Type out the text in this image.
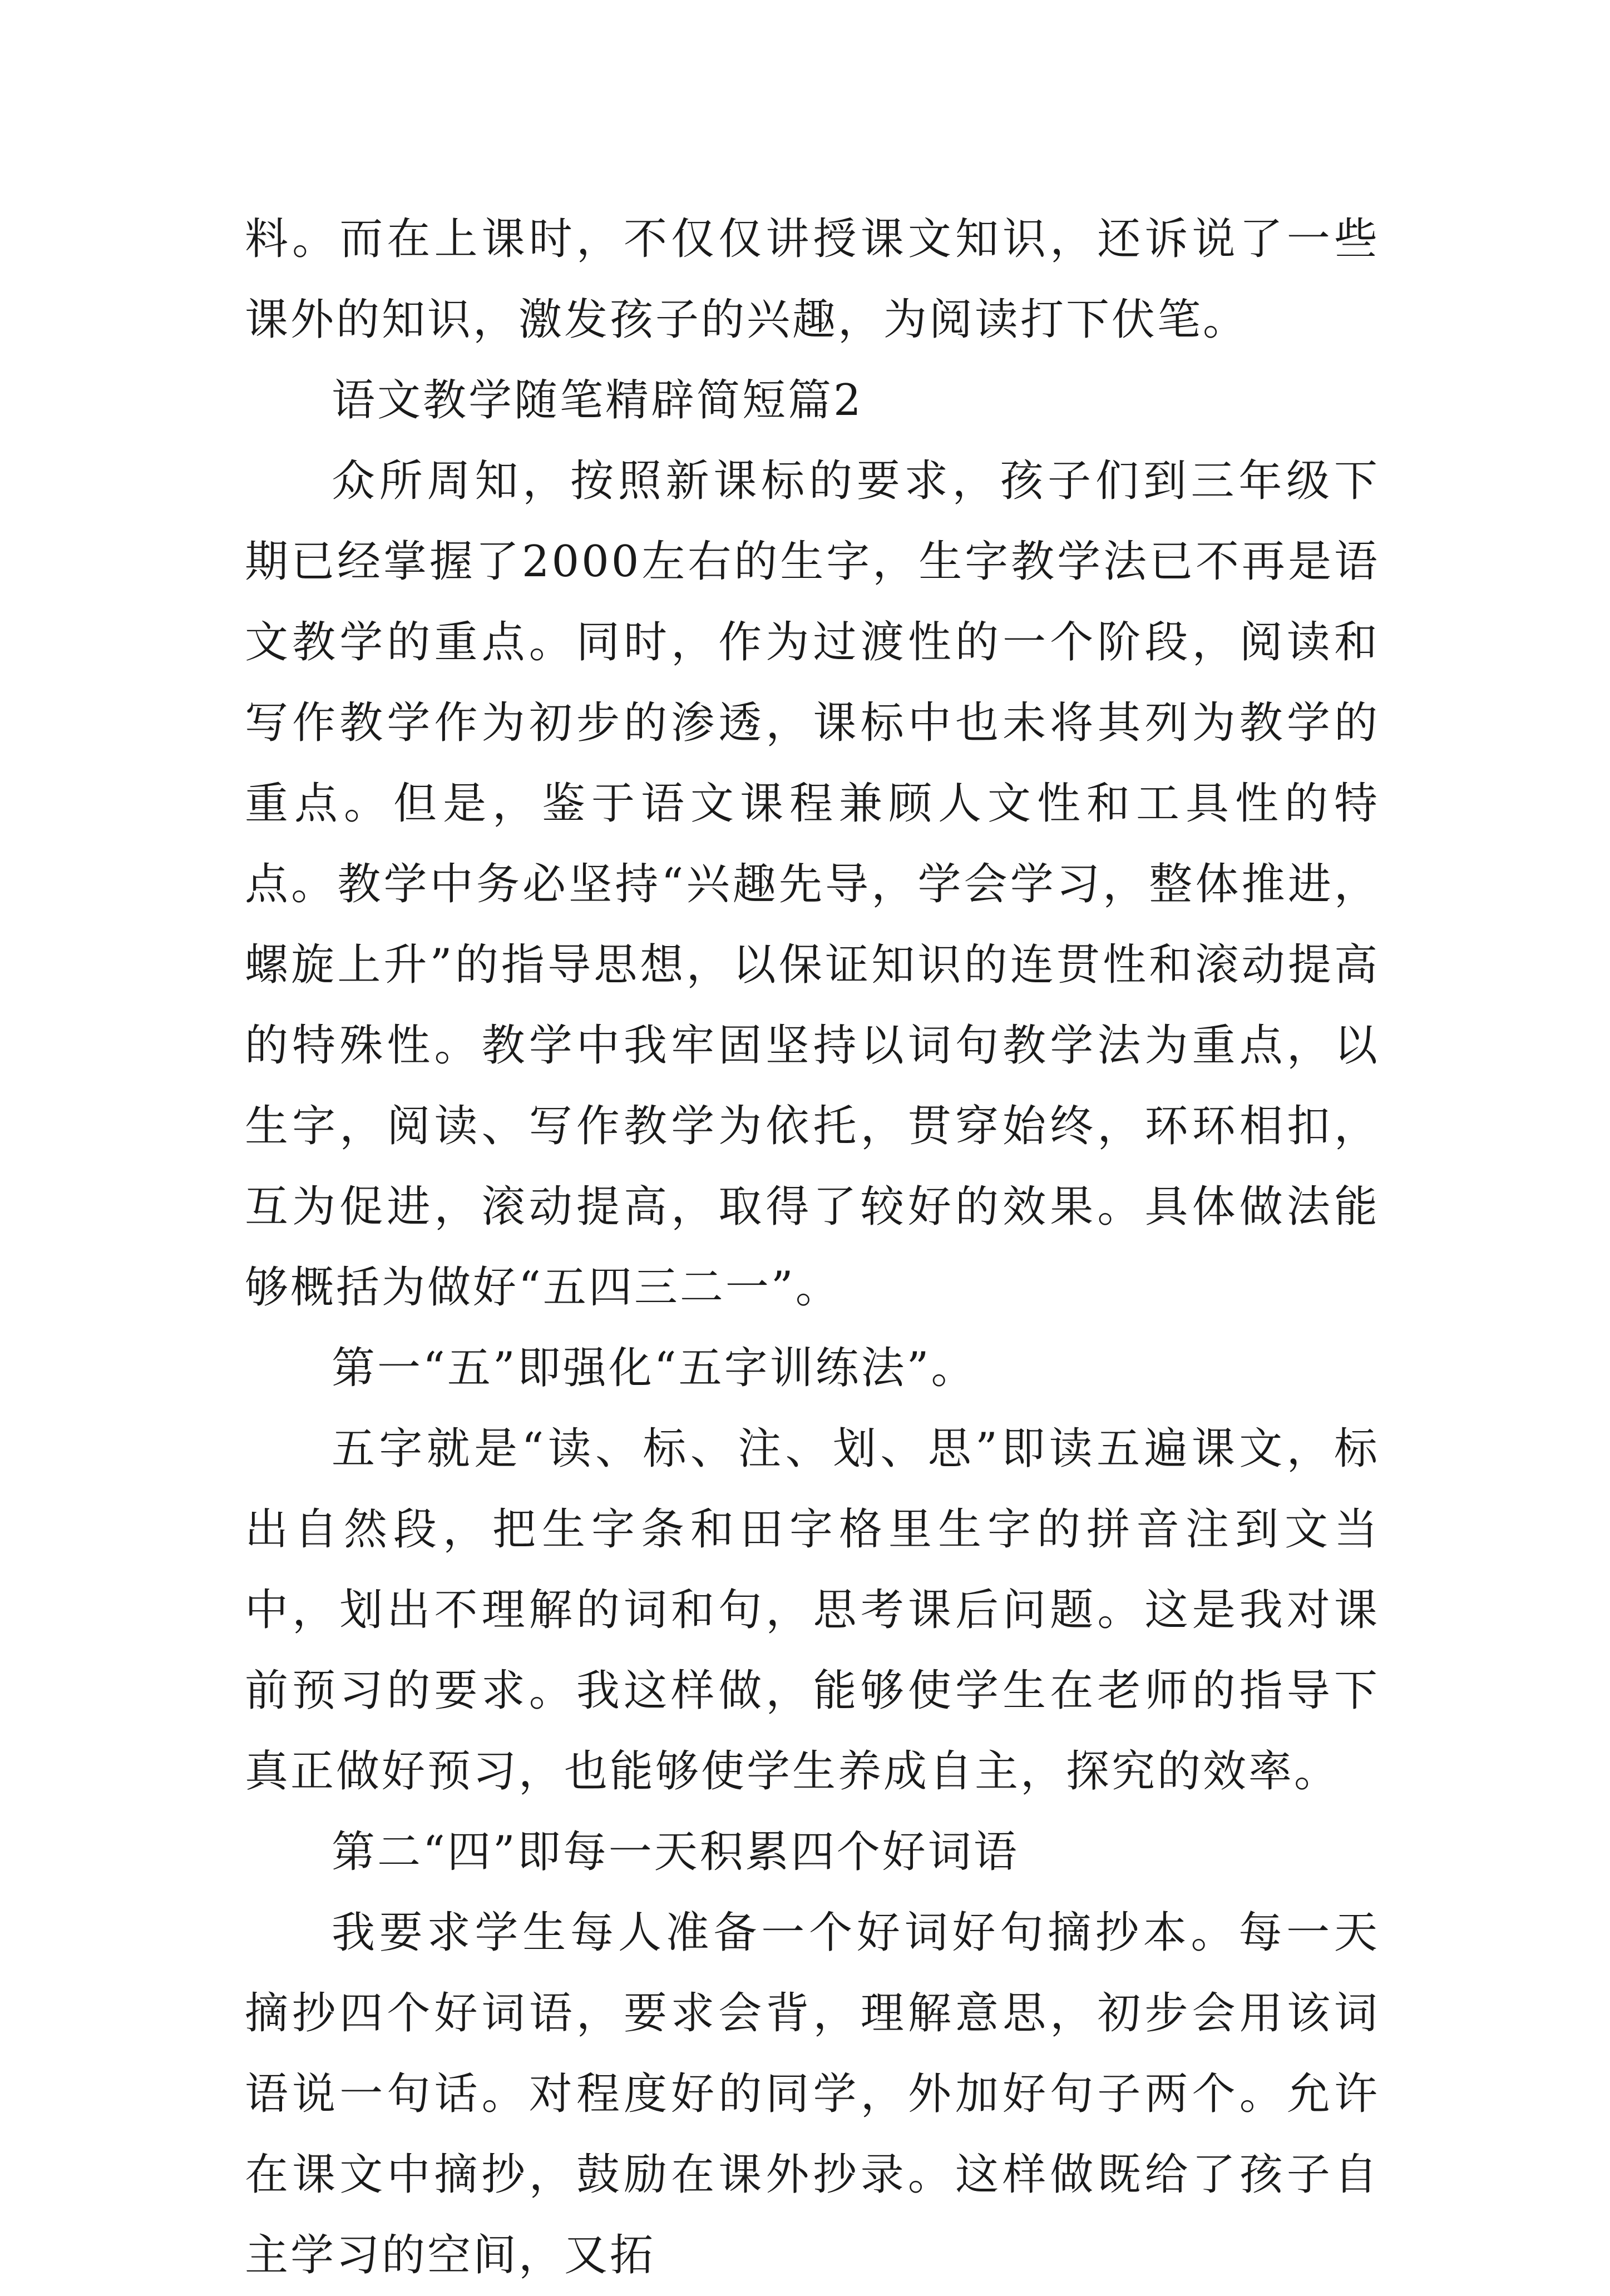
料。而在上课时，不仅仅讲授课文知识，还诉说了一些课外的知识，激发孩子的兴趣，为阅读打下伏笔。

语文教学随笔精辟简短篇2

众所周知，按照新课标的要求，孩子们到三年级下期已经掌握了2000左右的生字，生字教学法已不再是语文教学的重点。同时，作为过渡性的一个阶段，阅读和写作教学作为初步的渗透，课标中也未将其列为教学的重点。但是，鉴于语文课程兼顾人文性和工具性的特点。教学中务必坚持“兴趣先导，学会学习，整体推进，螺旋上升”的指导思想，以保证知识的连贯性和滚动提高的特殊性。教学中我牢固坚持以词句教学法为重点，以生字，阅读、写作教学为依托，贯穿始终，环环相扣，互为促进，滚动提高，取得了较好的效果。具体做法能够概括为做好“五四三二一”。

第一“五”即强化“五字训练法”。

五字就是“读、标、注、划、思”即读五遍课文，标出自然段，把生字条和田字格里生字的拼音注到文当中，划出不理解的词和句，思考课后问题。这是我对课前预习的要求。我这样做，能够使学生在老师的指导下真正做好预习，也能够使学生养成自主，探究的效率。

第二“四”即每一天积累四个好词语

我要求学生每人准备一个好词好句摘抄本。每一天摘抄四个好词语，要求会背，理解意思，初步会用该词语说一句话。对程度好的同学，外加好句子两个。允许在课文中摘抄，鼓励在课外抄录。这样做既给了孩子自主学习的空间，又拓
